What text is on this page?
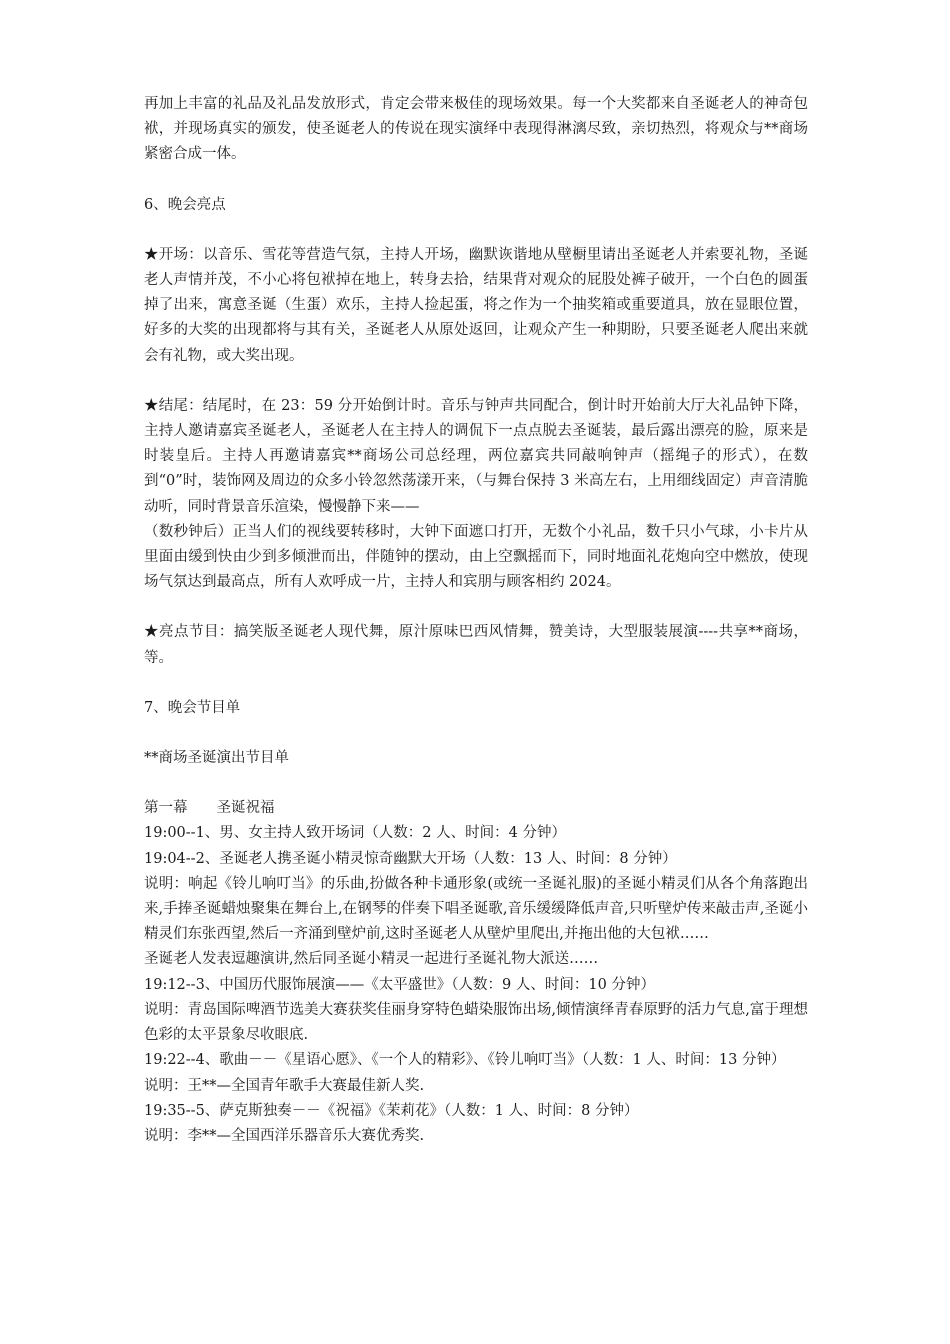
再加上丰富的礼品及礼品发放形式，肯定会带来极佳的现场效果。每一个大奖都来自圣诞老人的神奇包袱，并现场真实的颁发，使圣诞老人的传说在现实演绎中表现得淋漓尽致，亲切热烈，将观众与**商场紧密合成一体。

6、晚会亮点

★开场：以音乐、雪花等营造气氛，主持人开场，幽默诙谐地从壁橱里请出圣诞老人并索要礼物，圣诞老人声情并茂，不小心将包袱掉在地上，转身去拾，结果背对观众的屁股处裤子破开，一个白色的圆蛋掉了出来，寓意圣诞（生蛋）欢乐，主持人捡起蛋，将之作为一个抽奖箱或重要道具，放在显眼位置，好多的大奖的出现都将与其有关，圣诞老人从原处返回，让观众产生一种期盼，只要圣诞老人爬出来就会有礼物，或大奖出现。

★结尾：结尾时，在 23：59 分开始倒计时。音乐与钟声共同配合，倒计时开始前大厅大礼品钟下降，主持人邀请嘉宾圣诞老人，圣诞老人在主持人的调侃下一点点脱去圣诞装，最后露出漂亮的脸，原来是时装皇后。主持人再邀请嘉宾**商场公司总经理，两位嘉宾共同敲响钟声（摇绳子的形式），在数到“0”时，装饰网及周边的众多小铃忽然荡漾开来，（与舞台保持 3 米高左右，上用细线固定）声音清脆动听，同时背景音乐渲染，慢慢静下来——

（数秒钟后）正当人们的视线要转移时，大钟下面遮口打开，无数个小礼品，数千只小气球，小卡片从里面由缓到快由少到多倾泄而出，伴随钟的摆动，由上空飘摇而下，同时地面礼花炮向空中燃放，使现场气氛达到最高点，所有人欢呼成一片，主持人和宾朋与顾客相约 2024。

★亮点节目：搞笑版圣诞老人现代舞，原汁原味巴西风情舞，赞美诗，大型服装展演----共享**商场，等。

7、晚会节目单

**商场圣诞演出节目单

第一幕　　圣诞祝福

19:00--1、男、女主持人致开场词（人数：2 人、时间：4 分钟）

19:04--2、圣诞老人携圣诞小精灵惊奇幽默大开场（人数：13 人、时间：8 分钟）

说明：响起《铃儿响叮当》的乐曲,扮做各种卡通形象(或统一圣诞礼服)的圣诞小精灵们从各个角落跑出来,手捧圣诞蜡烛聚集在舞台上,在钢琴的伴奏下唱圣诞歌,音乐缓缓降低声音,只听壁炉传来敲击声,圣诞小精灵们东张西望,然后一齐涌到壁炉前,这时圣诞老人从壁炉里爬出,并拖出他的大包袱……

圣诞老人发表逗趣演讲,然后同圣诞小精灵一起进行圣诞礼物大派送……

19:12--3、中国历代服饰展演——《太平盛世》（人数：9 人、时间：10 分钟）

说明：青岛国际啤酒节选美大赛获奖佳丽身穿特色蜡染服饰出场,倾情演绎青春原野的活力气息,富于理想色彩的太平景象尽收眼底.

19:22--4、歌曲－－《星语心愿》、《一个人的精彩》、《铃儿响叮当》（人数：1 人、时间：13 分钟）

说明：王**—全国青年歌手大赛最佳新人奖.

19:35--5、萨克斯独奏－－《祝福》《茉莉花》（人数：1 人、时间：8 分钟）

说明：李**—全国西洋乐器音乐大赛优秀奖.
